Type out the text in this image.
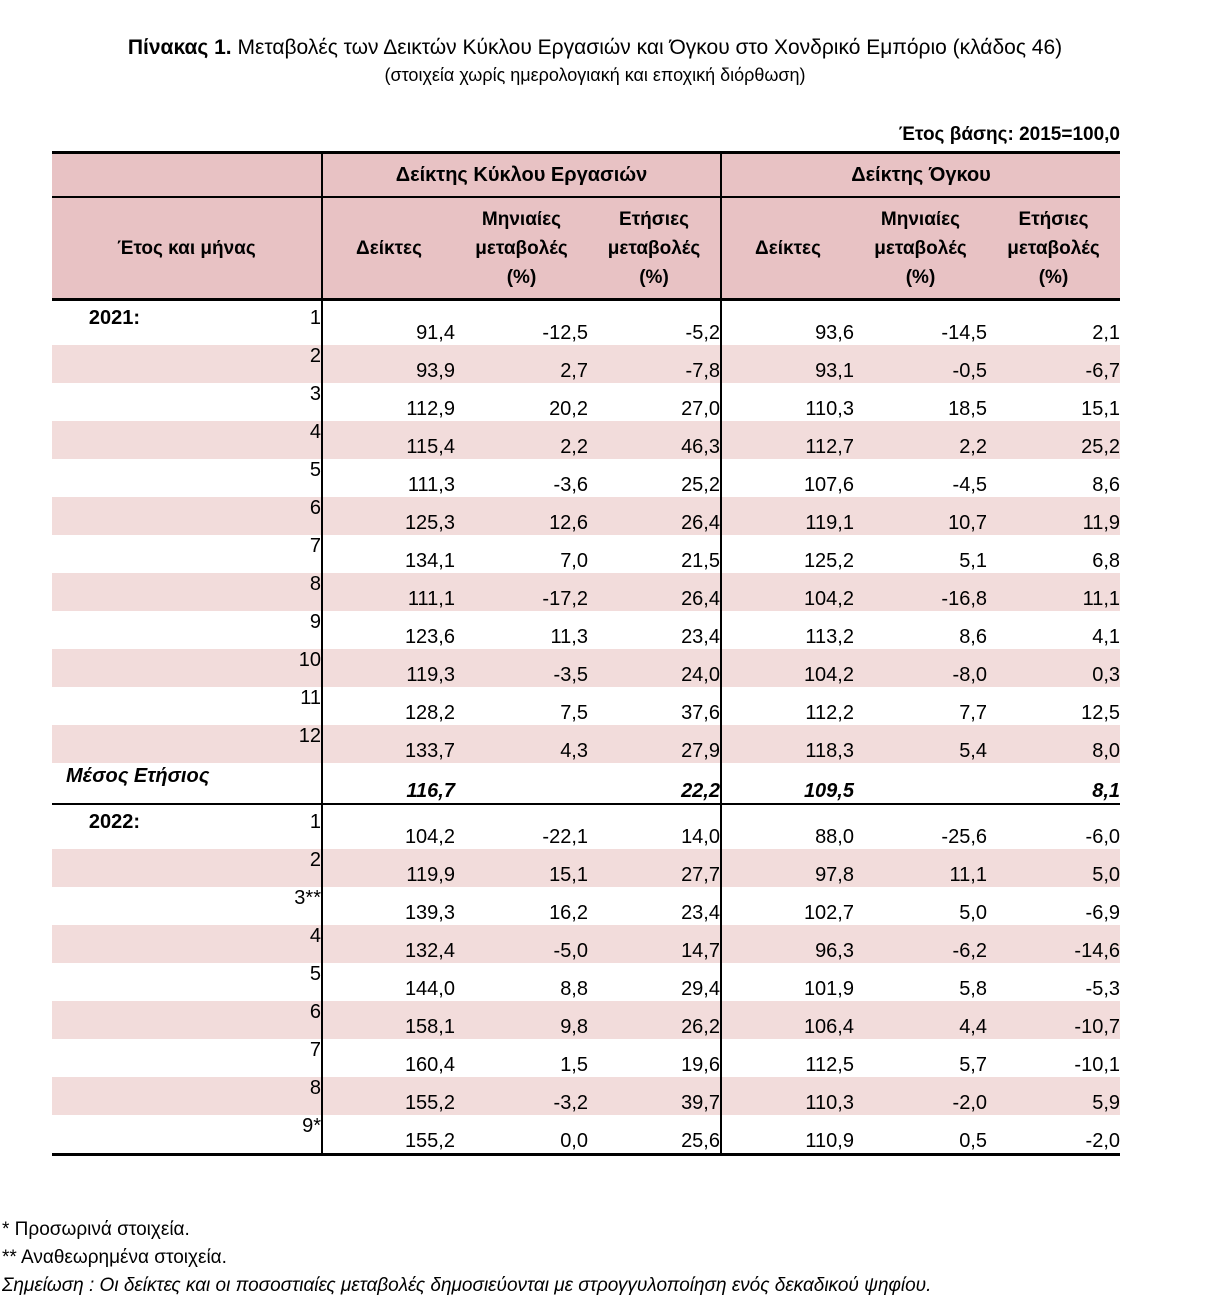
Πίνακας 1. Μεταβολές των Δεικτών Κύκλου Εργασιών και Όγκου στο Χονδρικό Εμπόριο (κλάδος 46)
(στοιχεία χωρίς ημερολογιακή και εποχική διόρθωση)
Έτος βάσης: 2015=100,0
		Δείκτης Κύκλου Εργασιών			Δείκτης Όγκου		
Έτος και μήνας		Δείκτες	Μηνιαίες
μεταβολές
(%)	Ετήσιες
μεταβολές
(%)	Δείκτες	Μηνιαίες
μεταβολές
(%)	Ετήσιες
μεταβολές
(%)
2021:	1	91,4	-12,5	-5,2	93,6	-14,5	2,1
	2	93,9	2,7	-7,8	93,1	-0,5	-6,7
	3	112,9	20,2	27,0	110,3	18,5	15,1
	4	115,4	2,2	46,3	112,7	2,2	25,2
	5	111,3	-3,6	25,2	107,6	-4,5	8,6
	6	125,3	12,6	26,4	119,1	10,7	11,9
	7	134,1	7,0	21,5	125,2	5,1	6,8
	8	111,1	-17,2	26,4	104,2	-16,8	11,1
	9	123,6	11,3	23,4	113,2	8,6	4,1
	10	119,3	-3,5	24,0	104,2	-8,0	0,3
	11	128,2	7,5	37,6	112,2	7,7	12,5
	12	133,7	4,3	27,9	118,3	5,4	8,0
Μέσος Ετήσιος		116,7		22,2	109,5		8,1
2022:	1	104,2	-22,1	14,0	88,0	-25,6	-6,0
	2	119,9	15,1	27,7	97,8	11,1	5,0
	3**	139,3	16,2	23,4	102,7	5,0	-6,9
	4	132,4	-5,0	14,7	96,3	-6,2	-14,6
	5	144,0	8,8	29,4	101,9	5,8	-5,3
	6	158,1	9,8	26,2	106,4	4,4	-10,7
	7	160,4	1,5	19,6	112,5	5,7	-10,1
	8	155,2	-3,2	39,7	110,3	-2,0	5,9
	9*	155,2	0,0	25,6	110,9	0,5	-2,0
* Προσωρινά στοιχεία.
** Αναθεωρημένα στοιχεία.
Σημείωση : Οι δείκτες και οι ποσοστιαίες μεταβολές δημοσιεύονται με στρογγυλοποίηση ενός δεκαδικού ψηφίου.
